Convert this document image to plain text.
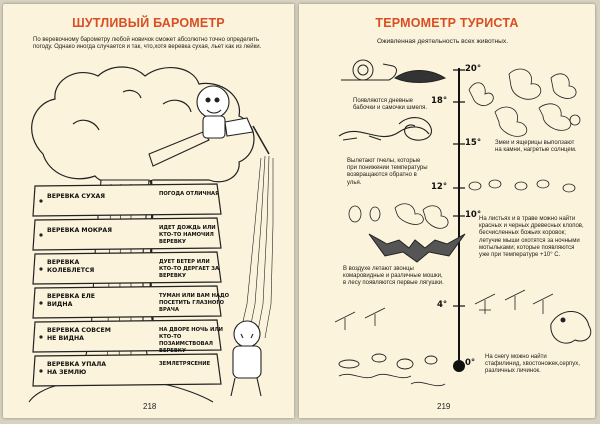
ШУТЛИВЫЙ БАРОМЕТР
По веревочному барометру любой новичок сможет абсолютно точно определить погоду. Однако иногда случается и так, что,хотя веревка сухая, льет как из лейки.
ВЕРЕВКА СУХАЯ	ПОГОДА ОТЛИЧНАЯ
ВЕРЕВКА МОКРАЯ	ИДЕТ ДОЖДЬ ИЛИ
КТО-ТО НАМОЧИЛ
ВЕРЕВКУ
ВЕРЕВКА
КОЛЕБЛЕТСЯ
ДУЕТ ВЕТЕР ИЛИ
КТО-ТО ДЕРГАЕТ ЗА
ВЕРЕВКУ
ВЕРЕВКА ЕЛЕ
ВИДНА
ТУМАН ИЛИ ВАМ НАДО
ПОСЕТИТЬ ГЛАЗНОГО
ВРАЧА
ВЕРЕВКА СОВСЕМ
НЕ ВИДНА
НА ДВОРЕ НОЧЬ ИЛИ
КТО-ТО
ПОЗАИМСТВОВАЛ
ВЕРЕВКУ
ВЕРЕВКА УПАЛА
НА ЗЕМЛЮ
ЗЕМЛЕТРЯСЕНИЕ
218
ТЕРМОМЕТР ТУРИСТА
Оживленная деятельность всех животных.
20°
18°
15°
12°
10°
4°
0°
Появляются дневные бабочки и самочки шмеля.
Змеи и ящерицы выползают на камни, нагретые солнцем.
Вылетают пчелы, которые при понижении температуры возвращаются обратно в улья.
На листьях и в траве можно найти красных и черных древесных клопов, бесчисленных божьих коровок; летучие мыши охотятся за ночными мотыльками; которые появляются уже при температуре +10° С.
В воздухе летают звонцы комаровидные и различные мошки, в лесу появляются первые лягушки.
На снегу можно найти стафилинид, хвостоножек,серпух, различных личинок.
219
